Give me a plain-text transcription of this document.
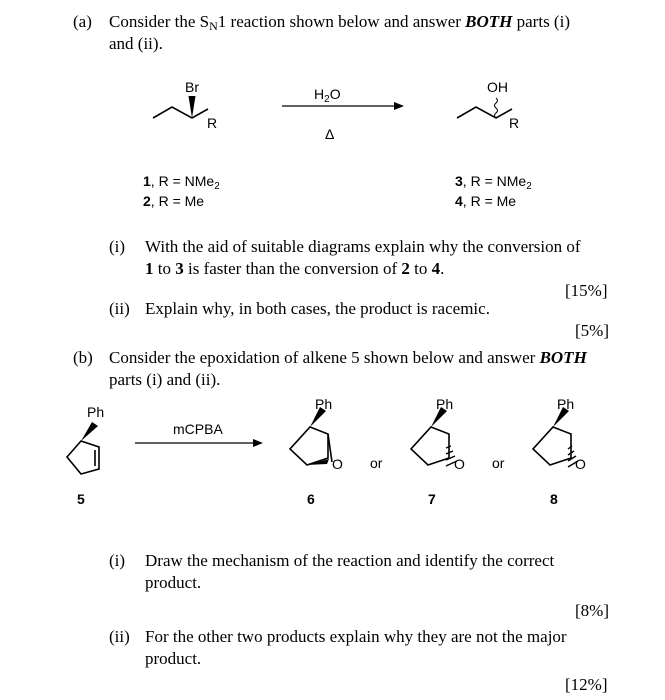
(a) Consider the SN1 reaction shown below and answer BOTH parts (i)
and (ii).
Br
R
$H_2O$
Δ
OH
R
1, R = NMe$_2$
2, R = Me
3, R = NMe$_2$
4, R = Me
(i) With the aid of suitable diagrams explain why the conversion of
1 to 3 is faster than the conversion of 2 to 4.
[15%]
(ii) Explain why, in both cases, the product is racemic.
[5%]
(b) Consider the epoxidation of alkene 5 shown below and answer BOTH
parts (i) and (ii).
Ph
mCPBA
Ph
O or
Ph
O or
Ph
O
5	6	7	8
(i) Draw the mechanism of the reaction and identify the correct
product.
[8%]
(ii) For the other two products explain why they are not the major
product.
[12%]
